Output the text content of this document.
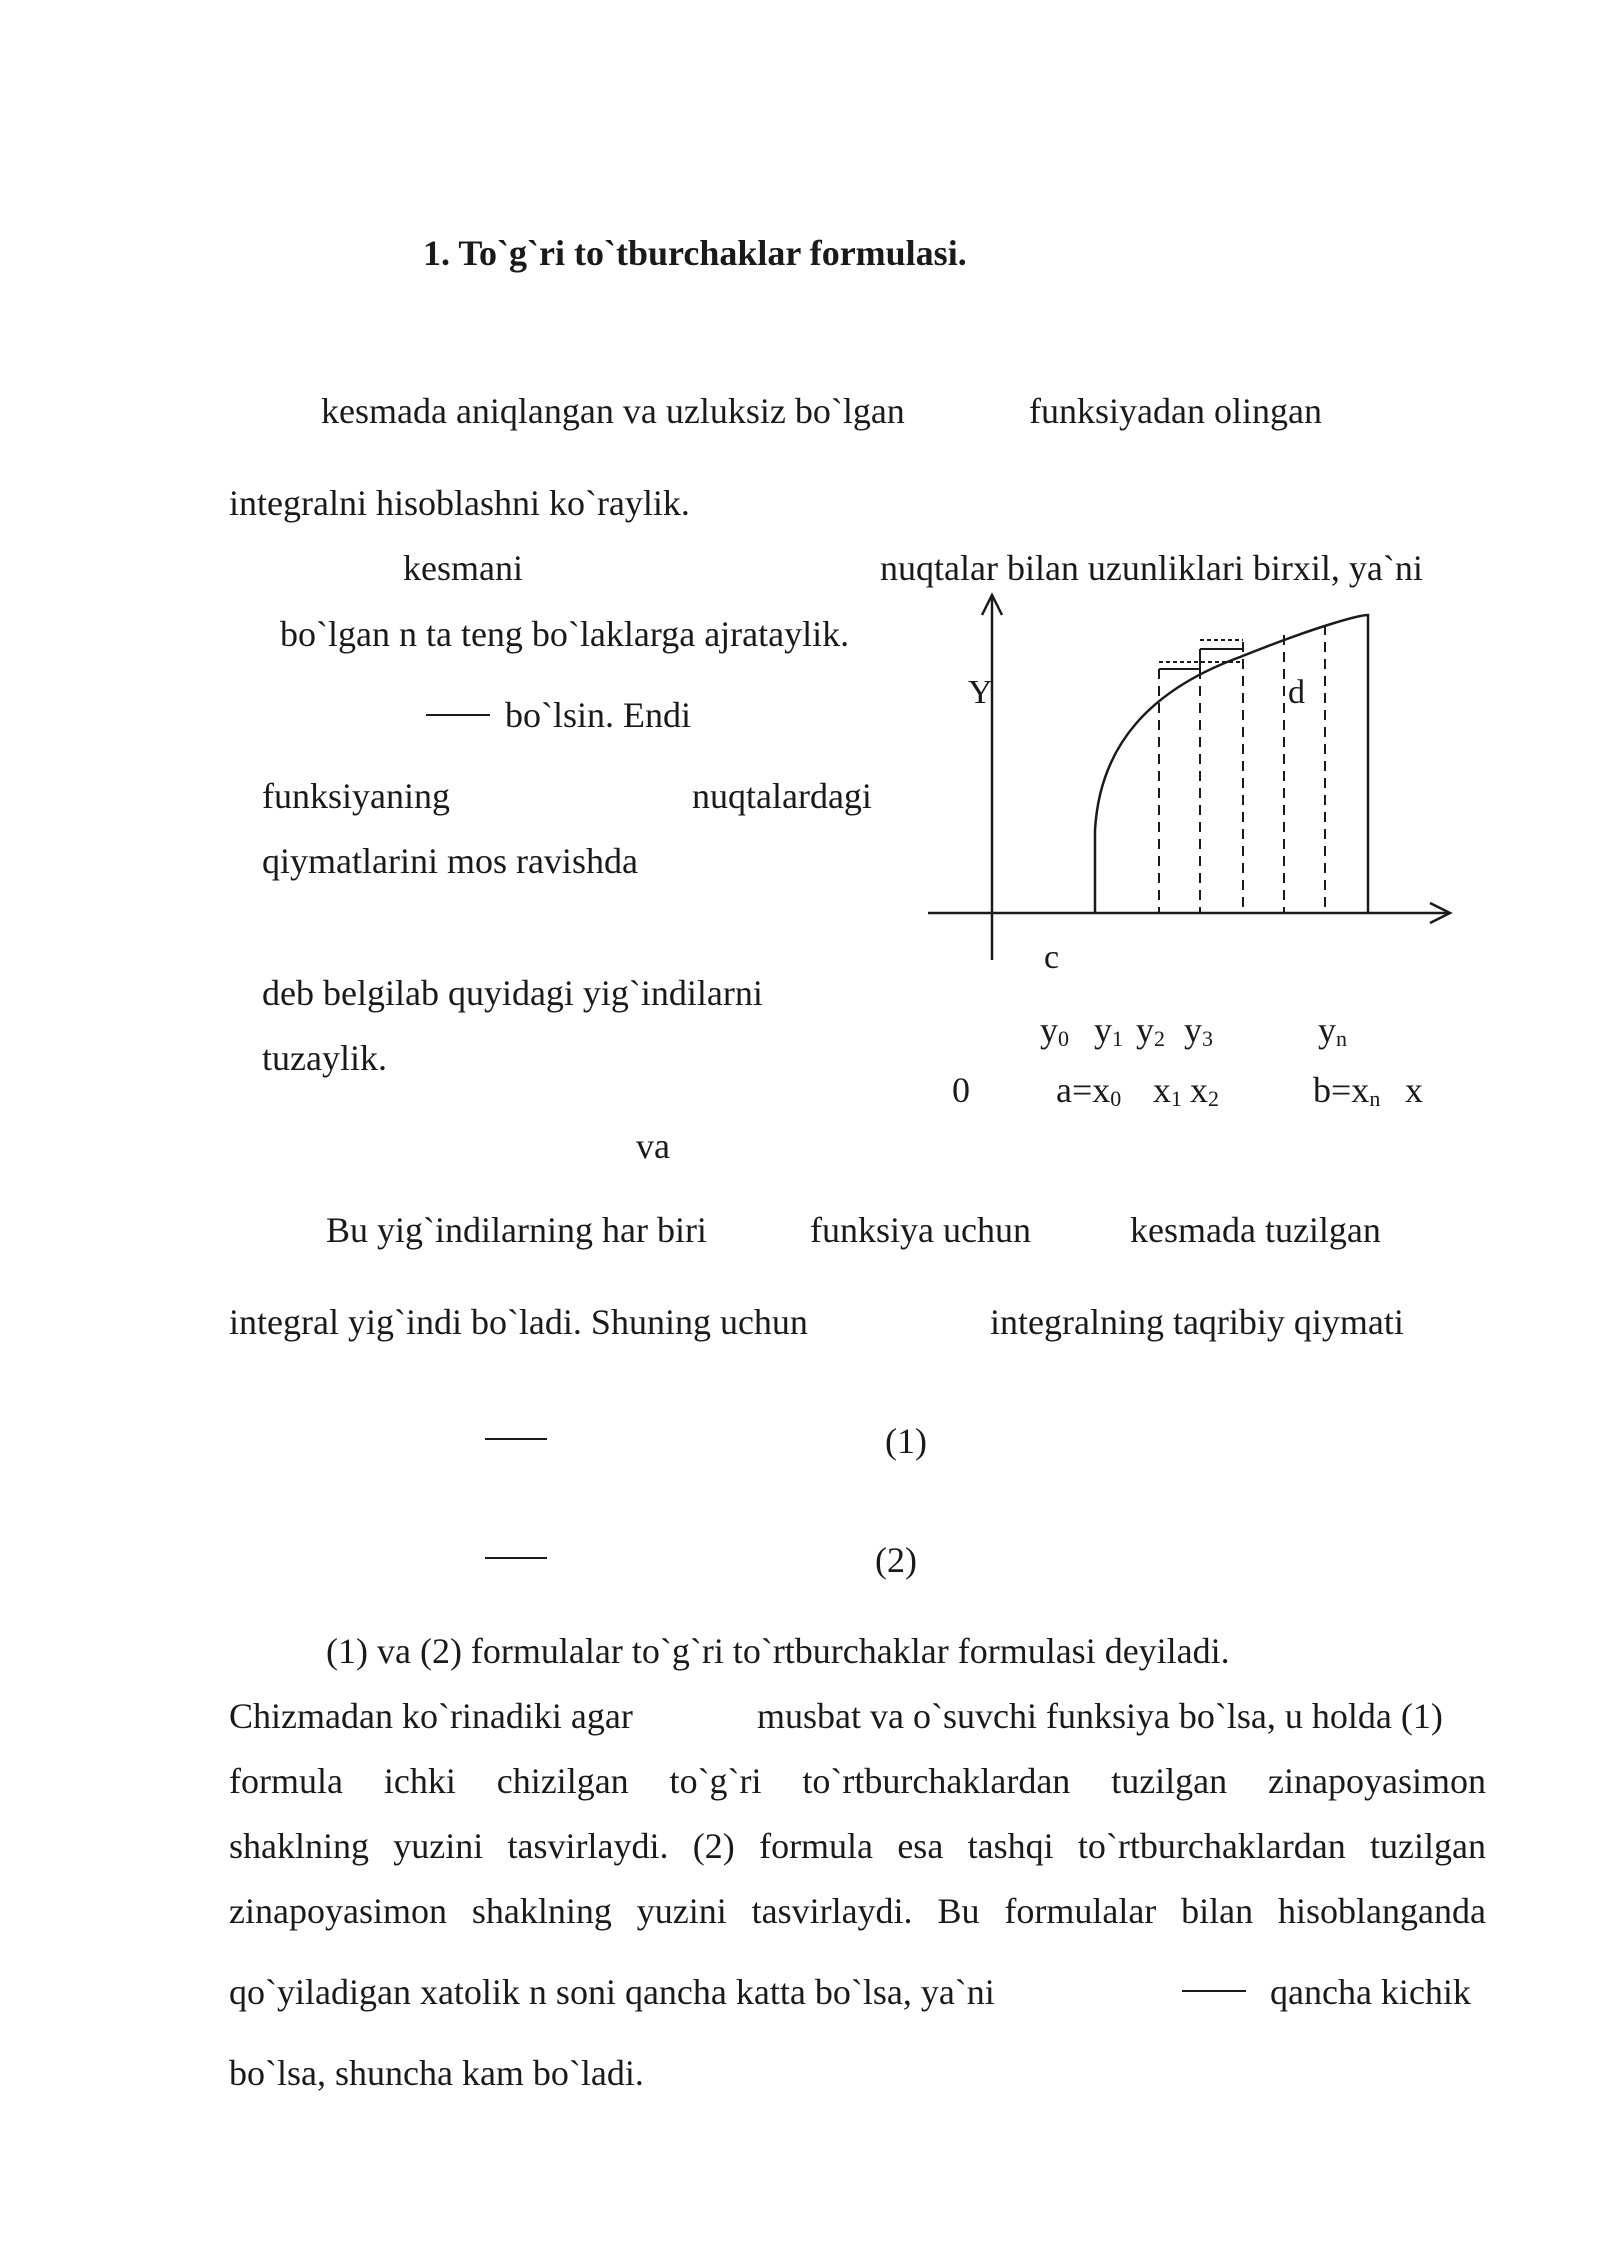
1. To`g`ri to`tburchaklar formulasi.
kesmada aniqlangan va uzluksiz bo`lgan	funksiyadan olingan
integralni hisoblashni ko`raylik.
kesmani	nuqtalar bilan uzunliklari birxil, ya`ni
bo`lgan n ta teng bo`laklarga ajrataylik.
bo`lsin. Endi
funksiyaning	nuqtalardagi
qiymatlarini mos ravishda
deb belgilab quyidagi yig`indilarni
tuzaylik.
va
Y	d
c
$y_0$ $y_1$ $y_2$ $y_3$	$y_n$
0 $a=x_0$ $x_1$ $x_2$	$b=x_n$ x
Bu yig`indilarning har biri	funksiya uchun	kesmada tuzilgan
integral yig`indi bo`ladi. Shuning uchun	integralning taqribiy qiymati
(1)
(2)
(1) va (2) formulalar to`g`ri to`rtburchaklar formulasi deyiladi.
Chizmadan ko`rinadiki agar	musbat va o`suvchi funksiya bo`lsa, u holda (1)
formula ichki chizilgan to`g`ri to`rtburchaklardan tuzilgan zinapoyasimon
shaklning yuzini tasvirlaydi. (2) formula esa tashqi to`rtburchaklardan tuzilgan
zinapoyasimon shaklning yuzini tasvirlaydi. Bu formulalar bilan hisoblanganda
qo`yiladigan xatolik n soni qancha katta bo`lsa, ya`ni	qancha kichik
bo`lsa, shuncha kam bo`ladi.
